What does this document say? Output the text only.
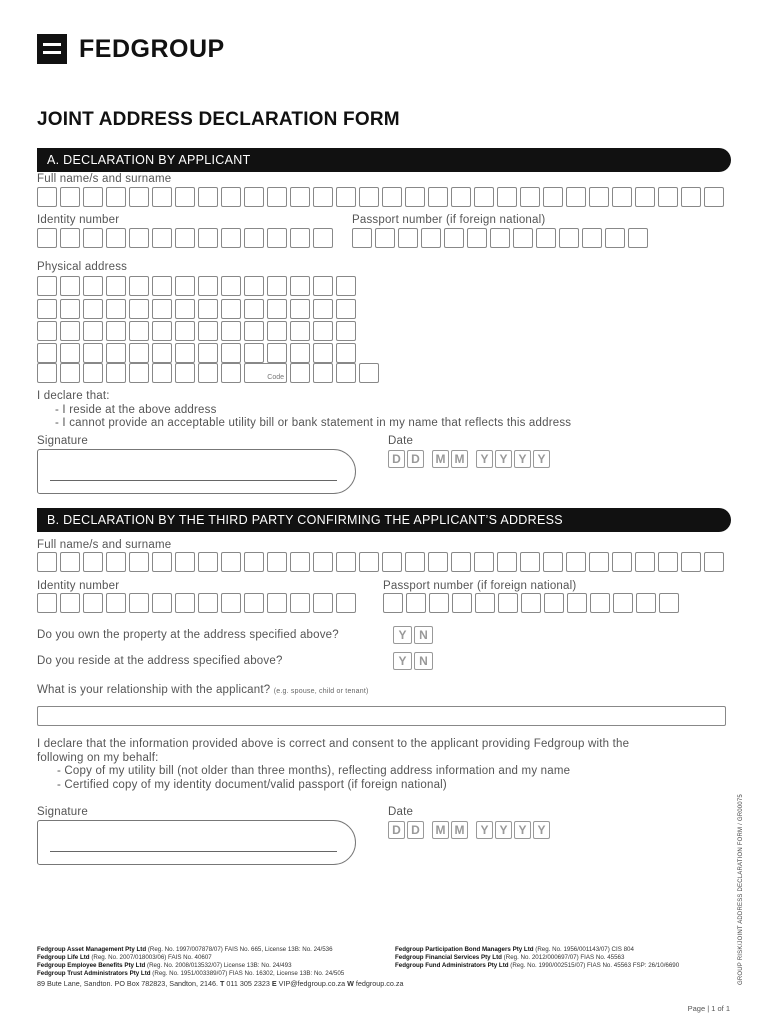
FEDGROUP
JOINT ADDRESS DECLARATION FORM
A. DECLARATION BY APPLICANT
Full name/s and surname
Identity number	Passport number (if foreign national)
Physical address
Code
I declare that:
- I reside at the above address
- I cannot provide an acceptable utility bill or bank statement in my name that reflects this address
Signature	Date
D D	M M	Y Y Y Y
B. DECLARATION BY THE THIRD PARTY CONFIRMING THE APPLICANT’S ADDRESS
Full name/s and surname
Identity number	Passport number (if foreign national)
Do you own the property at the address specified above?	Y	N
Do you reside at the address specified above?	Y	N
What is your relationship with the applicant? (e.g. spouse, child or tenant)
I declare that the information provided above is correct and consent to the applicant providing Fedgroup with the
following on my behalf:
- Copy of my utility bill (not older than three months), reflecting address information and my name
- Certified copy of my identity document/valid passport (if foreign national)
Signature	Date
D D	M M	Y Y Y Y	GROUP RISK/JOINT ADDRESS DECLARATION FORM / GR00075
Fedgroup Asset Management Pty Ltd (Reg. No. 1997/007878/07) FAIS No. 665, License 13B: No. 24/536
Fedgroup Life Ltd (Reg. No. 2007/018003/06) FAIS No. 40607
Fedgroup Employee Benefits Pty Ltd (Reg. No. 2008/013532/07) License 13B: No. 24/493
Fedgroup Trust Administrators Pty Ltd (Reg. No. 1951/003389/07) FIAS No. 16302, License 13B: No. 24/505
Fedgroup Participation Bond Managers Pty Ltd (Reg. No. 1956/001143/07) CIS 804
Fedgroup Financial Services Pty Ltd (Reg. No. 2012/000697/07) FIAS No. 45563
Fedgroup Fund Administrators Pty Ltd (Reg. No. 1990/002515/07) FIAS No. 45563 FSP: 26/10/6690
89 Bute Lane, Sandton. PO Box 782823, Sandton, 2146. T 011 305 2323 E VIP@fedgroup.co.za W fedgroup.co.za
Page | 1 of 1
